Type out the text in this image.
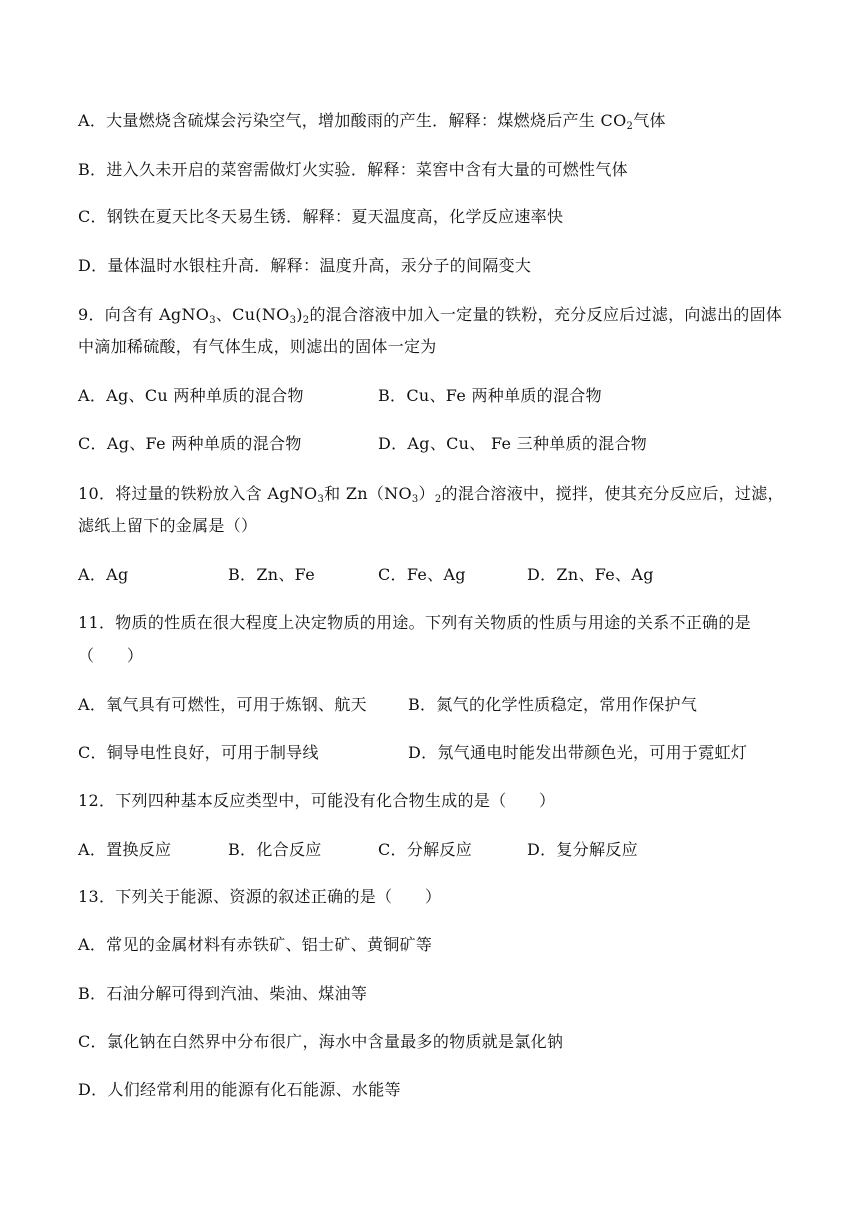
A．大量燃烧含硫煤会污染空气，增加酸雨的产生．解释：煤燃烧后产生 $CO_2$气体
B．进入久未开启的菜窖需做灯火实验．解释：菜窖中含有大量的可燃性气体
C．钢铁在夏天比冬天易生锈．解释：夏天温度高，化学反应速率快
D．量体温时水银柱升高．解释：温度升高，汞分子的间隔变大
9．向含有 AgNO$_3$、$Cu(NO_3)_2$的混合溶液中加入一定量的铁粉，充分反应后过滤，向滤出的固体
中滴加稀硫酸，有气体生成，则滤出的固体一定为
A．Ag、Cu 两种单质的混合物	B．Cu、Fe 两种单质的混合物
C．Ag、Fe 两种单质的混合物	D．Ag、Cu、 Fe 三种单质的混合物
10．将过量的铁粉放入含 AgNO$_3$和 $Zn(NO_3)_2$的混合溶液中，搅拌，使其充分反应后，过滤，
滤纸上留下的金属是（）
A．Ag	B．Zn、Fe	C．Fe、Ag	D．Zn、Fe、Ag
11．物质的性质在很大程度上决定物质的用途。下列有关物质的性质与用途的关系不正确的是
（　　）
A．氧气具有可燃性，可用于炼钢、航天	B．氮气的化学性质稳定，常用作保护气
C．铜导电性良好，可用于制导线	D．氖气通电时能发出带颜色光，可用于霓虹灯
12．下列四种基本反应类型中，可能没有化合物生成的是（　　）
A．置换反应	B．化合反应	C．分解反应	D．复分解反应
13．下列关于能源、资源的叙述正确的是（　　）
A．常见的金属材料有赤铁矿、铝士矿、黄铜矿等
B．石油分解可得到汽油、柴油、煤油等
C．氯化钠在白然界中分布很广，海水中含量最多的物质就是氯化钠
D．人们经常利用的能源有化石能源、水能等
